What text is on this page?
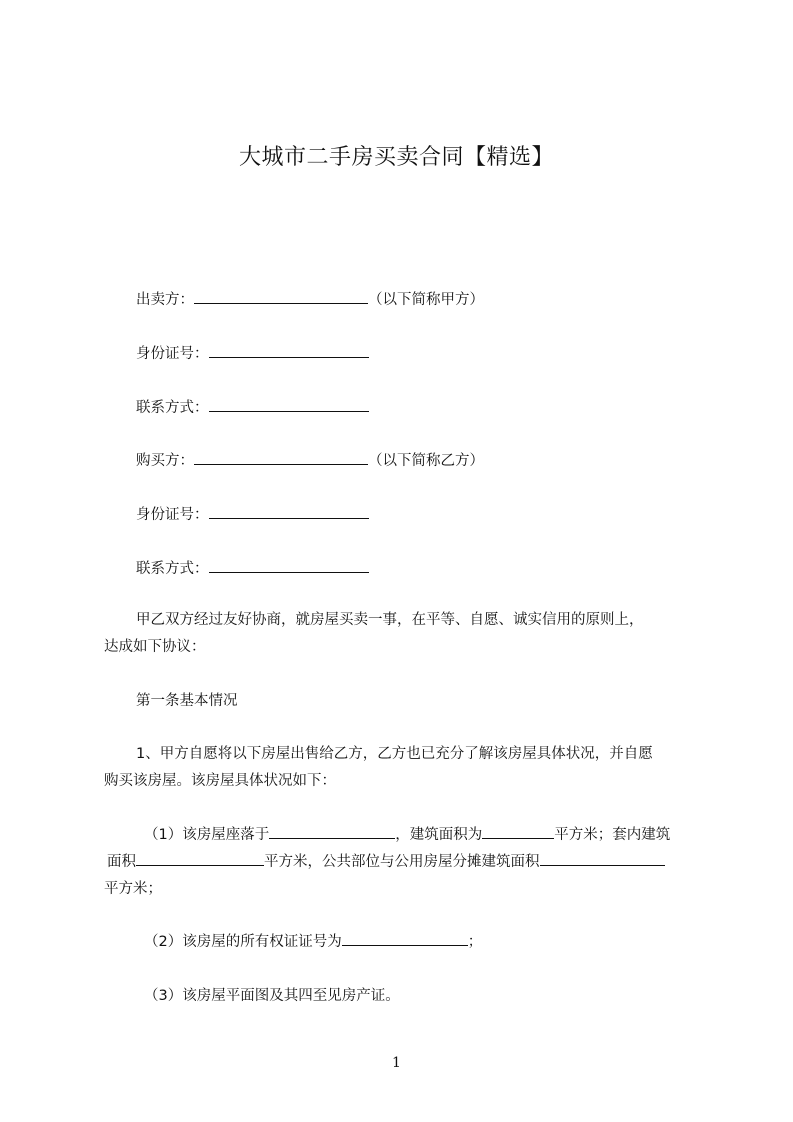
大城市二手房买卖合同【精选】
出卖方：	（以下简称甲方）
身份证号：
联系方式：
购买方：	（以下简称乙方）
身份证号：
联系方式：
甲乙双方经过友好协商，就房屋买卖一事，在平等、自愿、诚实信用的原则上，
达成如下协议：
第一条基本情况
1、甲方自愿将以下房屋出售给乙方，乙方也已充分了解该房屋具体状况，并自愿
购买该房屋。该房屋具体状况如下：
（1）该房屋座落于	，建筑面积为	平方米；套内建筑
面积	平方米，公共部位与公用房屋分摊建筑面积
平方米；
（2）该房屋的所有权证证号为	；
（3）该房屋平面图及其四至见房产证。
1
